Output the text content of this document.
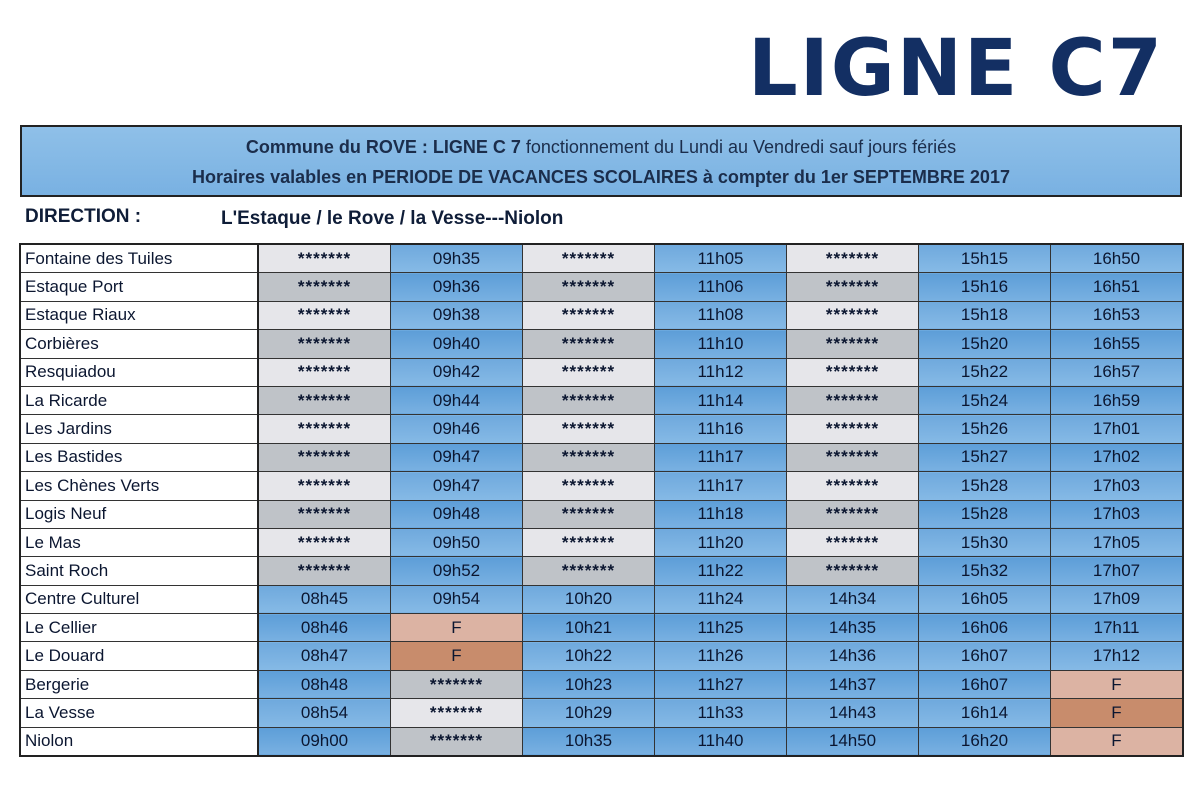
LIGNE C7
Commune du ROVE : LIGNE C 7 fonctionnement du Lundi au Vendredi sauf jours fériés
Horaires valables en PERIODE DE VACANCES SCOLAIRES à compter du 1er SEPTEMBRE 2017
DIRECTION :	L'Estaque / le Rove / la Vesse---Niolon
Fontaine des Tuiles	*******	09h35	*******	11h05	*******	15h15	16h50
Estaque Port	*******	09h36	*******	11h06	*******	15h16	16h51
Estaque Riaux	*******	09h38	*******	11h08	*******	15h18	16h53
Corbières	*******	09h40	*******	11h10	*******	15h20	16h55
Resquiadou	*******	09h42	*******	11h12	*******	15h22	16h57
La Ricarde	*******	09h44	*******	11h14	*******	15h24	16h59
Les Jardins	*******	09h46	*******	11h16	*******	15h26	17h01
Les Bastides	*******	09h47	*******	11h17	*******	15h27	17h02
Les Chènes Verts	*******	09h47	*******	11h17	*******	15h28	17h03
Logis Neuf	*******	09h48	*******	11h18	*******	15h28	17h03
Le Mas	*******	09h50	*******	11h20	*******	15h30	17h05
Saint Roch	*******	09h52	*******	11h22	*******	15h32	17h07
Centre Culturel	08h45	09h54	10h20	11h24	14h34	16h05	17h09
Le Cellier	08h46	F	10h21	11h25	14h35	16h06	17h11
Le Douard	08h47	F	10h22	11h26	14h36	16h07	17h12
Bergerie	08h48	*******	10h23	11h27	14h37	16h07	F
La Vesse	08h54	*******	10h29	11h33	14h43	16h14	F
Niolon	09h00	*******	10h35	11h40	14h50	16h20	F
